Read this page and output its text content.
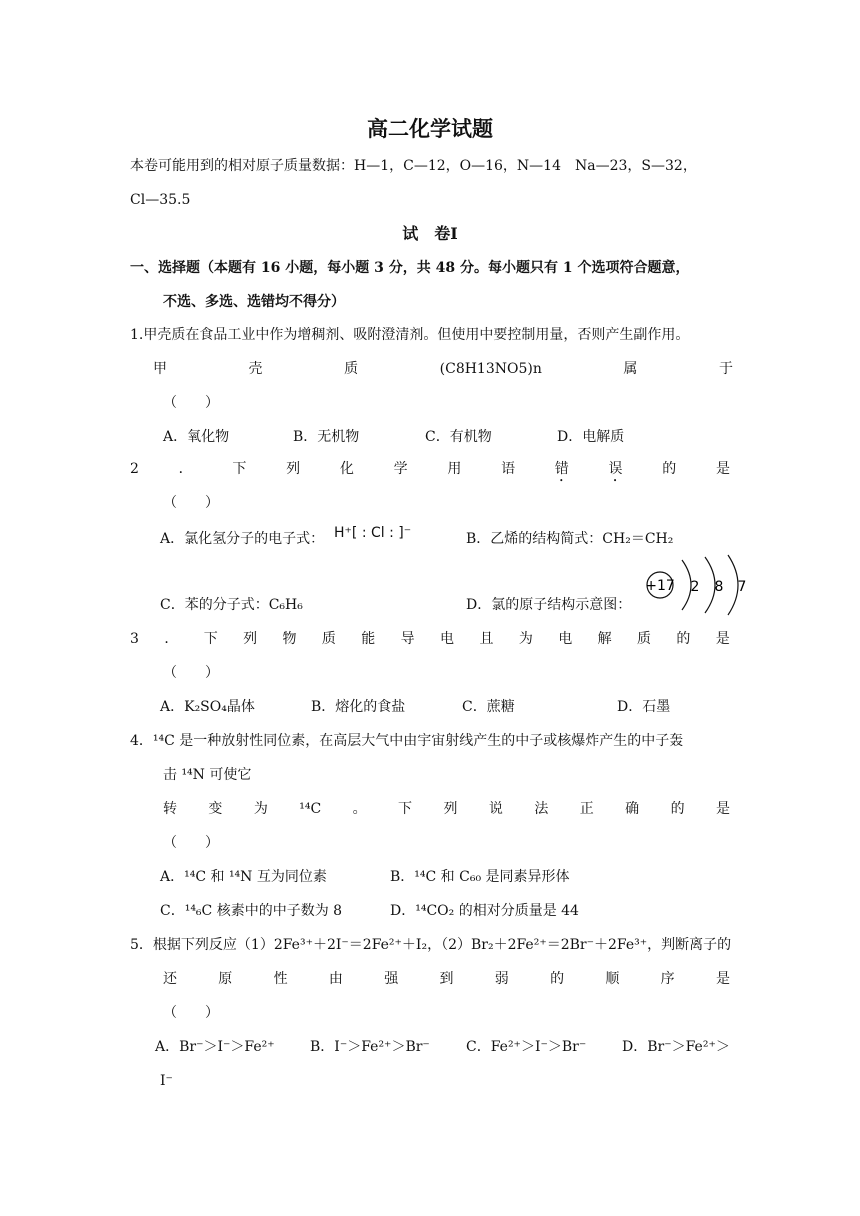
高二化学试题
本卷可能用到的相对原子质量数据：H—1，C—12，O—16，N—14　Na—23，S—32，
Cl—35.5
试　卷Ⅰ
一、选择题（本题有 16 小题，每小题 3 分，共 48 分。每小题只有 1 个选项符合题意，
不选、多选、选错均不得分）
1.甲壳质在食品工业中作为增稠剂、吸附澄清剂。但使用中要控制用量，否则产生副作用。
甲	壳	质	(C8H13NO5)n	属	于
（　　）
A．氧化物	B．无机物	C．有机物	D．电解质
2	．	下	列	化	学	用	语	错	误	的	是
（　　）
A．氯化氢分子的电子式： H⁺[ : Cl : ]⁻	B．乙烯的结构简式：CH₂＝CH₂
C．苯的分子式：C₆H₆	D．氯的原子结构示意图：
+17 2 8 7
3 ． 下 列 物 质 能 导 电 且 为 电 解 质 的 是
（　　）
A．K₂SO₄晶体	B．熔化的食盐	C．蔗糖	D．石墨
4．¹⁴C 是一种放射性同位素，在高层大气中由宇宙射线产生的中子或核爆炸产生的中子轰
击 ¹⁴N 可使它
转 变 为 ¹⁴C 。 下 列 说 法 正 确 的 是
（　　）
A．¹⁴C 和 ¹⁴N 互为同位素	B．¹⁴C 和 C₆₀ 是同素异形体
C．¹⁴₆C 核素中的中子数为 8	D．¹⁴CO₂ 的相对分质量是 44
5．根据下列反应（1）2Fe³⁺＋2I⁻＝2Fe²⁺＋I₂，（2）Br₂＋2Fe²⁺＝2Br⁻＋2Fe³⁺，判断离子的
还	原	性	由	强	到	弱	的	顺	序	是
（　　）
A．Br⁻＞I⁻＞Fe²⁺	B．I⁻＞Fe²⁺＞Br⁻	C．Fe²⁺＞I⁻＞Br⁻	D．Br⁻＞Fe²⁺＞
I⁻
